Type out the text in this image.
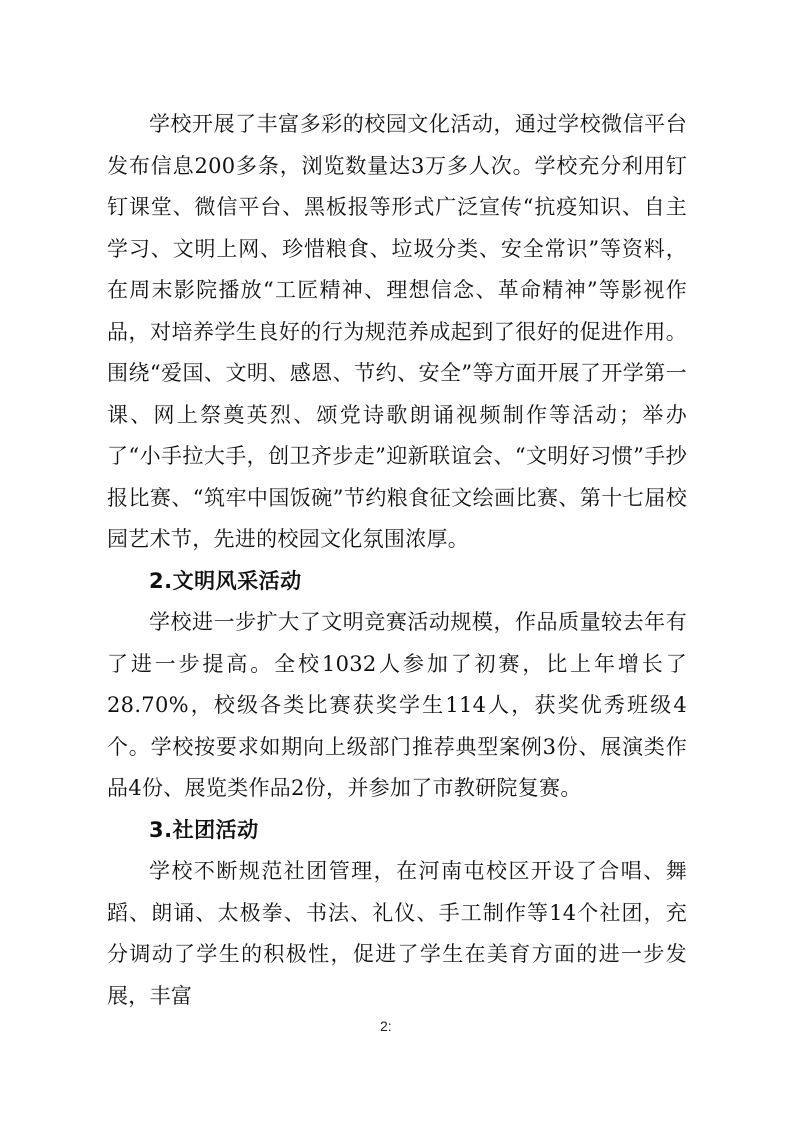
学校开展了丰富多彩的校园文化活动，通过学校微信平台发布信息200多条，浏览数量达3万多人次。学校充分利用钉钉课堂、微信平台、黑板报等形式广泛宣传“抗疫知识、自主学习、文明上网、珍惜粮食、垃圾分类、安全常识”等资料，在周末影院播放“工匠精神、理想信念、革命精神”等影视作品，对培养学生良好的行为规范养成起到了很好的促进作用。围绕“爱国、文明、感恩、节约、安全”等方面开展了开学第一课、网上祭奠英烈、颂党诗歌朗诵视频制作等活动；举办了“小手拉大手，创卫齐步走”迎新联谊会、“文明好习惯”手抄报比赛、“筑牢中国饭碗”节约粮食征文绘画比赛、第十七届校园艺术节，先进的校园文化氛围浓厚。

2.文明风采活动

学校进一步扩大了文明竞赛活动规模，作品质量较去年有了进一步提高。全校1032人参加了初赛，比上年增长了28.70%，校级各类比赛获奖学生114人，获奖优秀班级4个。学校按要求如期向上级部门推荐典型案例3份、展演类作品4份、展览类作品2份，并参加了市教研院复赛。

3.社团活动

学校不断规范社团管理，在河南屯校区开设了合唱、舞蹈、朗诵、太极拳、书法、礼仪、手工制作等14个社团，充分调动了学生的积极性，促进了学生在美育方面的进一步发展，丰富

2:
